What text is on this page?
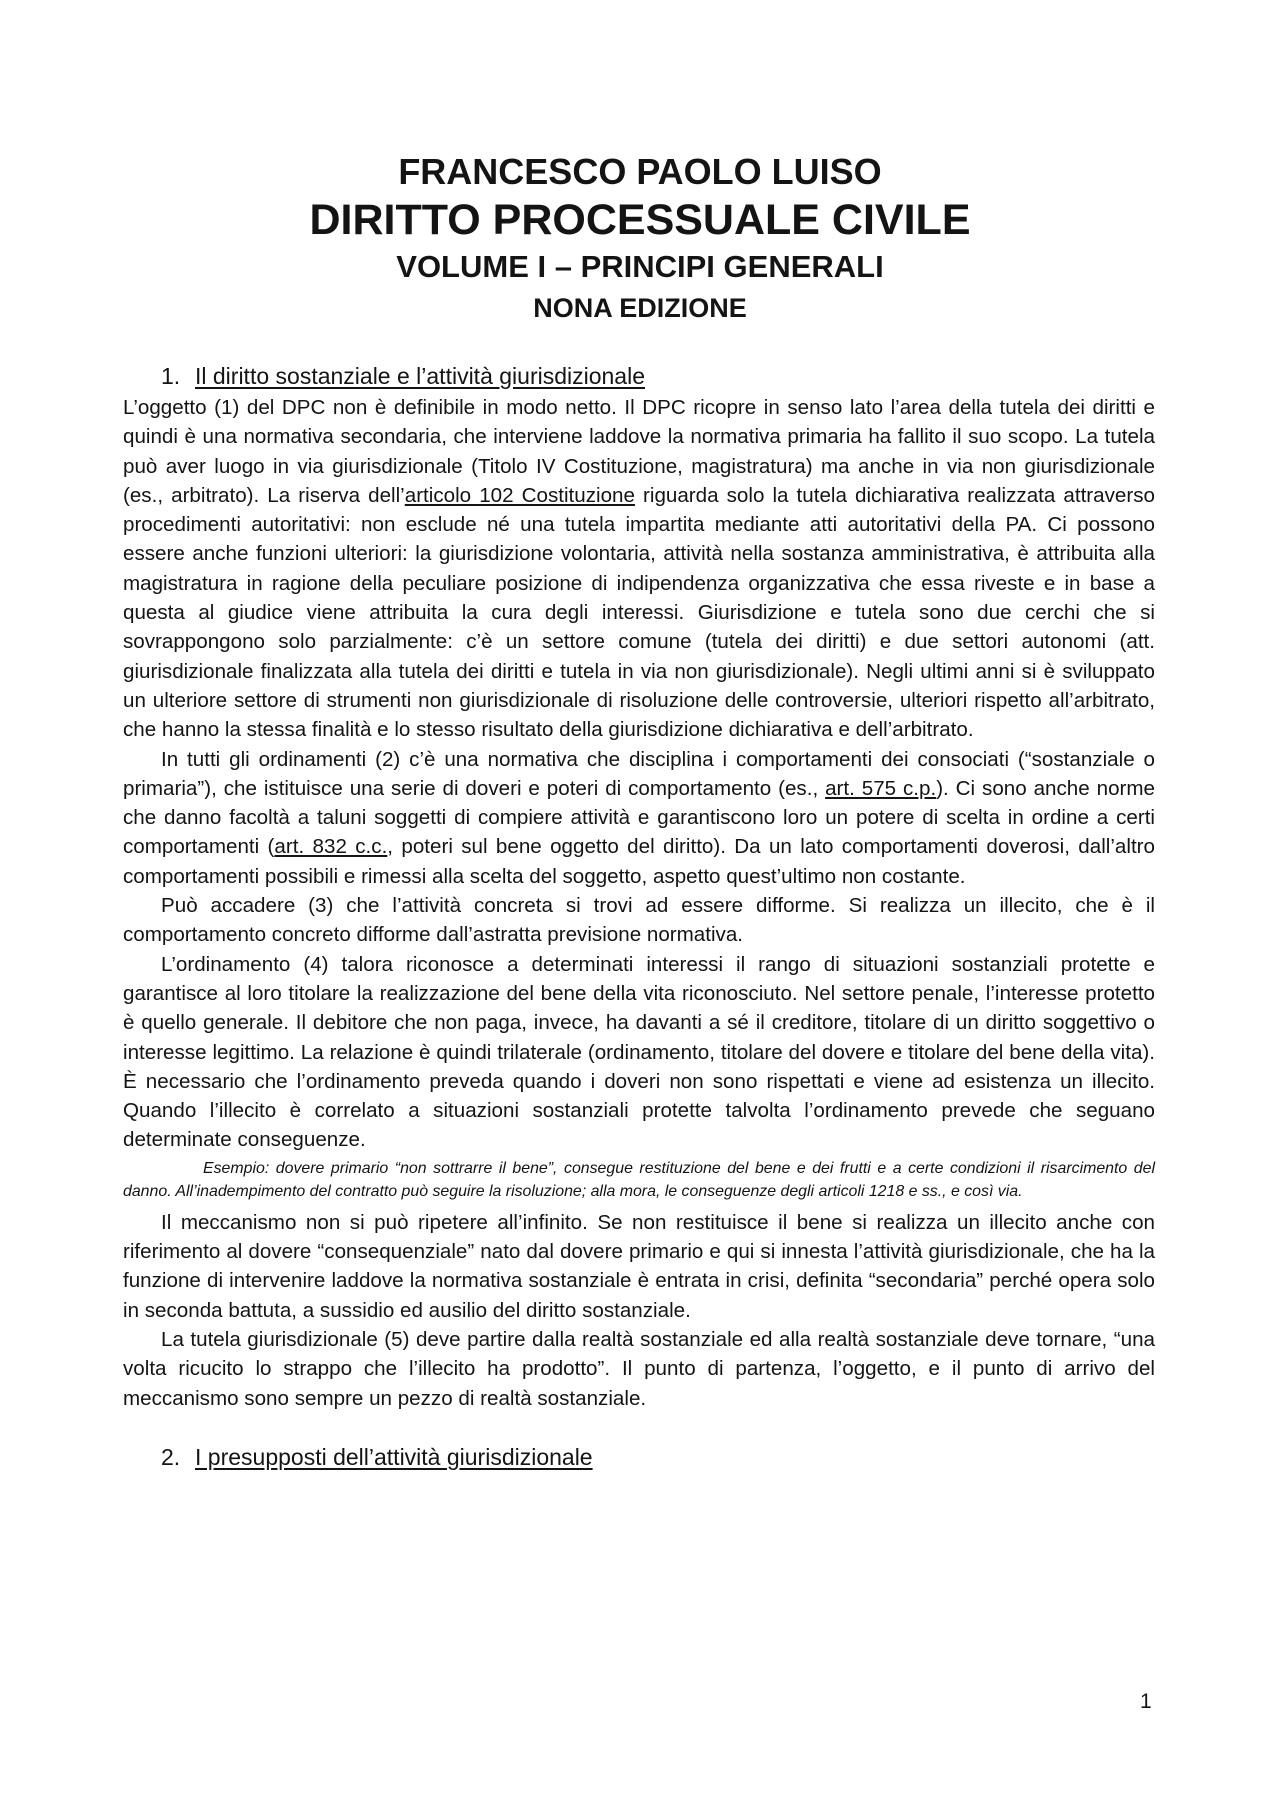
FRANCESCO PAOLO LUISO

DIRITTO PROCESSUALE CIVILE

VOLUME I – PRINCIPI GENERALI

NONA EDIZIONE

1. Il diritto sostanziale e l’attività giurisdizionale

L’oggetto (1) del DPC non è definibile in modo netto. Il DPC ricopre in senso lato l’area della tutela dei diritti e quindi è una normativa secondaria, che interviene laddove la normativa primaria ha fallito il suo scopo. La tutela può aver luogo in via giurisdizionale (Titolo IV Costituzione, magistratura) ma anche in via non giurisdizionale (es., arbitrato). La riserva dell’articolo 102 Costituzione riguarda solo la tutela dichiarativa realizzata attraverso procedimenti autoritativi: non esclude né una tutela impartita mediante atti autoritativi della PA. Ci possono essere anche funzioni ulteriori: la giurisdizione volontaria, attività nella sostanza amministrativa, è attribuita alla magistratura in ragione della peculiare posizione di indipendenza organizzativa che essa riveste e in base a questa al giudice viene attribuita la cura degli interessi. Giurisdizione e tutela sono due cerchi che si sovrappongono solo parzialmente: c’è un settore comune (tutela dei diritti) e due settori autonomi (att. giurisdizionale finalizzata alla tutela dei diritti e tutela in via non giurisdizionale). Negli ultimi anni si è sviluppato un ulteriore settore di strumenti non giurisdizionale di risoluzione delle controversie, ulteriori rispetto all’arbitrato, che hanno la stessa finalità e lo stesso risultato della giurisdizione dichiarativa e dell’arbitrato.

In tutti gli ordinamenti (2) c’è una normativa che disciplina i comportamenti dei consociati (“sostanziale o primaria”), che istituisce una serie di doveri e poteri di comportamento (es., art. 575 c.p.). Ci sono anche norme che danno facoltà a taluni soggetti di compiere attività e garantiscono loro un potere di scelta in ordine a certi comportamenti (art. 832 c.c., poteri sul bene oggetto del diritto). Da un lato comportamenti doverosi, dall’altro comportamenti possibili e rimessi alla scelta del soggetto, aspetto quest’ultimo non costante.

Può accadere (3) che l’attività concreta si trovi ad essere difforme. Si realizza un illecito, che è il comportamento concreto difforme dall’astratta previsione normativa.

L’ordinamento (4) talora riconosce a determinati interessi il rango di situazioni sostanziali protette e garantisce al loro titolare la realizzazione del bene della vita riconosciuto. Nel settore penale, l’interesse protetto è quello generale. Il debitore che non paga, invece, ha davanti a sé il creditore, titolare di un diritto soggettivo o interesse legittimo. La relazione è quindi trilaterale (ordinamento, titolare del dovere e titolare del bene della vita). È necessario che l’ordinamento preveda quando i doveri non sono rispettati e viene ad esistenza un illecito. Quando l’illecito è correlato a situazioni sostanziali protette talvolta l’ordinamento prevede che seguano determinate conseguenze.

Esempio: dovere primario “non sottrarre il bene”, consegue restituzione del bene e dei frutti e a certe condizioni il risarcimento del danno. All’inadempimento del contratto può seguire la risoluzione; alla mora, le conseguenze degli articoli 1218 e ss., e così via.

Il meccanismo non si può ripetere all’infinito. Se non restituisce il bene si realizza un illecito anche con riferimento al dovere “consequenziale” nato dal dovere primario e qui si innesta l’attività giurisdizionale, che ha la funzione di intervenire laddove la normativa sostanziale è entrata in crisi, definita “secondaria” perché opera solo in seconda battuta, a sussidio ed ausilio del diritto sostanziale.

La tutela giurisdizionale (5) deve partire dalla realtà sostanziale ed alla realtà sostanziale deve tornare, “una volta ricucito lo strappo che l’illecito ha prodotto”. Il punto di partenza, l’oggetto, e il punto di arrivo del meccanismo sono sempre un pezzo di realtà sostanziale.

2. I presupposti dell’attività giurisdizionale
1
